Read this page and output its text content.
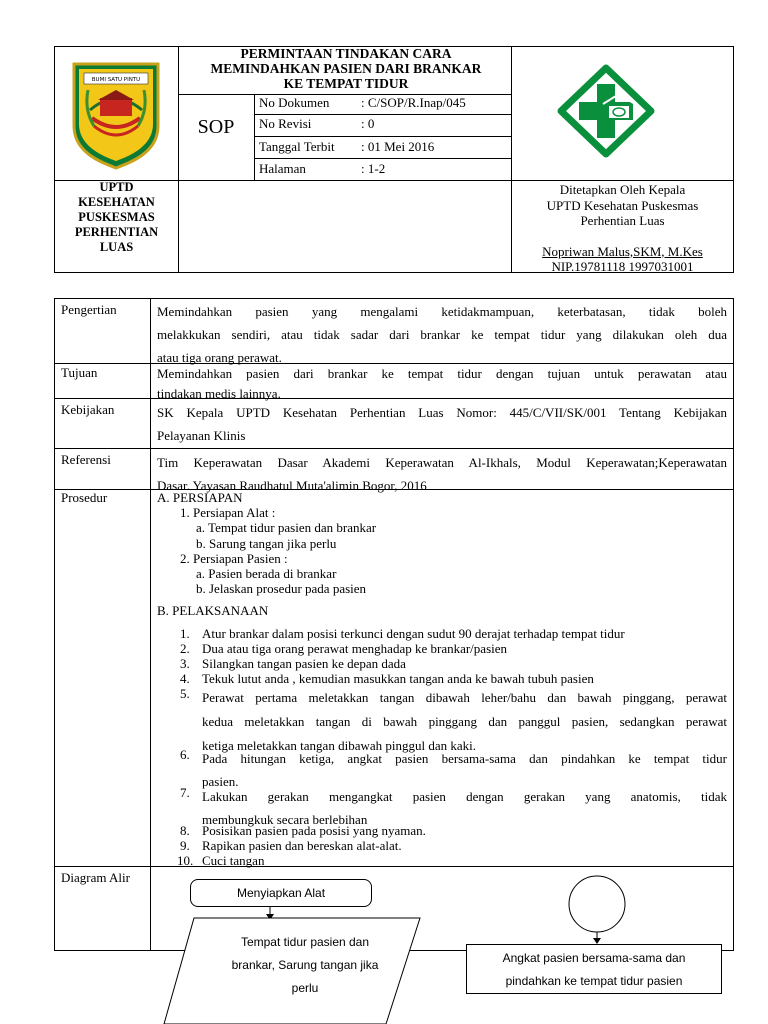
BUMI SATU PINTU
PERMINTAAN TINDAKAN CARA
MEMINDAHKAN PASIEN DARI BRANKAR
KE TEMPAT TIDUR
SOP
No Dokumen : C/SOP/R.Inap/045
No Revisi	: 0
Tanggal Terbit : 01 Mei 2016
Halaman	: 1-2
UPTD
KESEHATAN
PUSKESMAS
PERHENTIAN
LUAS
Ditetapkan Oleh Kepala
UPTD Kesehatan Puskesmas
Perhentian Luas
Nopriwan Malus,SKM, M.Kes
NIP.19781118 1997031001
Pengertian	Memindahkan pasien yang mengalami ketidakmampuan, keterbatasan, tidak boleh
melakkukan sendiri, atau tidak sadar dari brankar ke tempat tidur yang dilakukan oleh dua
atau tiga orang perawat.
Tujuan	Memindahkan pasien dari brankar ke tempat tidur dengan tujuan untuk perawatan atau
tindakan medis lainnya.
Kebijakan	SK Kepala UPTD Kesehatan Perhentian Luas Nomor: 445/C/VII/SK/001 Tentang Kebijakan
Pelayanan Klinis
Referensi	Tim Keperawatan Dasar Akademi Keperawatan Al-Ikhals, Modul Keperawatan;Keperawatan
Dasar. Yayasan Raudhatul Muta'alimin Bogor, 2016
Prosedur	A. PERSIAPAN
1. Persiapan Alat :
a. Tempat tidur pasien dan brankar
b. Sarung tangan jika perlu
2. Persiapan Pasien :
a. Pasien berada di brankar
b. Jelaskan prosedur pada pasien
B. PELAKSANAAN
1. Atur brankar dalam posisi terkunci dengan sudut 90 derajat terhadap tempat tidur
2. Dua atau tiga orang perawat menghadap ke brankar/pasien
3. Silangkan tangan pasien ke depan dada
4. Tekuk lutut anda , kemudian masukkan tangan anda ke bawah tubuh pasien
5. Perawat pertama meletakkan tangan dibawah leher/bahu dan bawah pinggang, perawat
kedua meletakkan tangan di bawah pinggang dan panggul pasien, sedangkan perawat
ketiga meletakkan tangan dibawah pinggul dan kaki.
6. Pada hitungan ketiga, angkat pasien bersama-sama dan pindahkan ke tempat tidur
pasien.
7. Lakukan gerakan mengangkat pasien dengan gerakan yang anatomis, tidak
membungkuk secara berlebihan
8. Posisikan pasien pada posisi yang nyaman.
9. Rapikan pasien dan bereskan alat-alat.
10. Cuci tangan
Diagram Alir
Menyiapkan Alat
Tempat tidur pasien dan
brankar, Sarung tangan jika
perlu
Angkat pasien bersama-sama dan
pindahkan ke tempat tidur pasien
